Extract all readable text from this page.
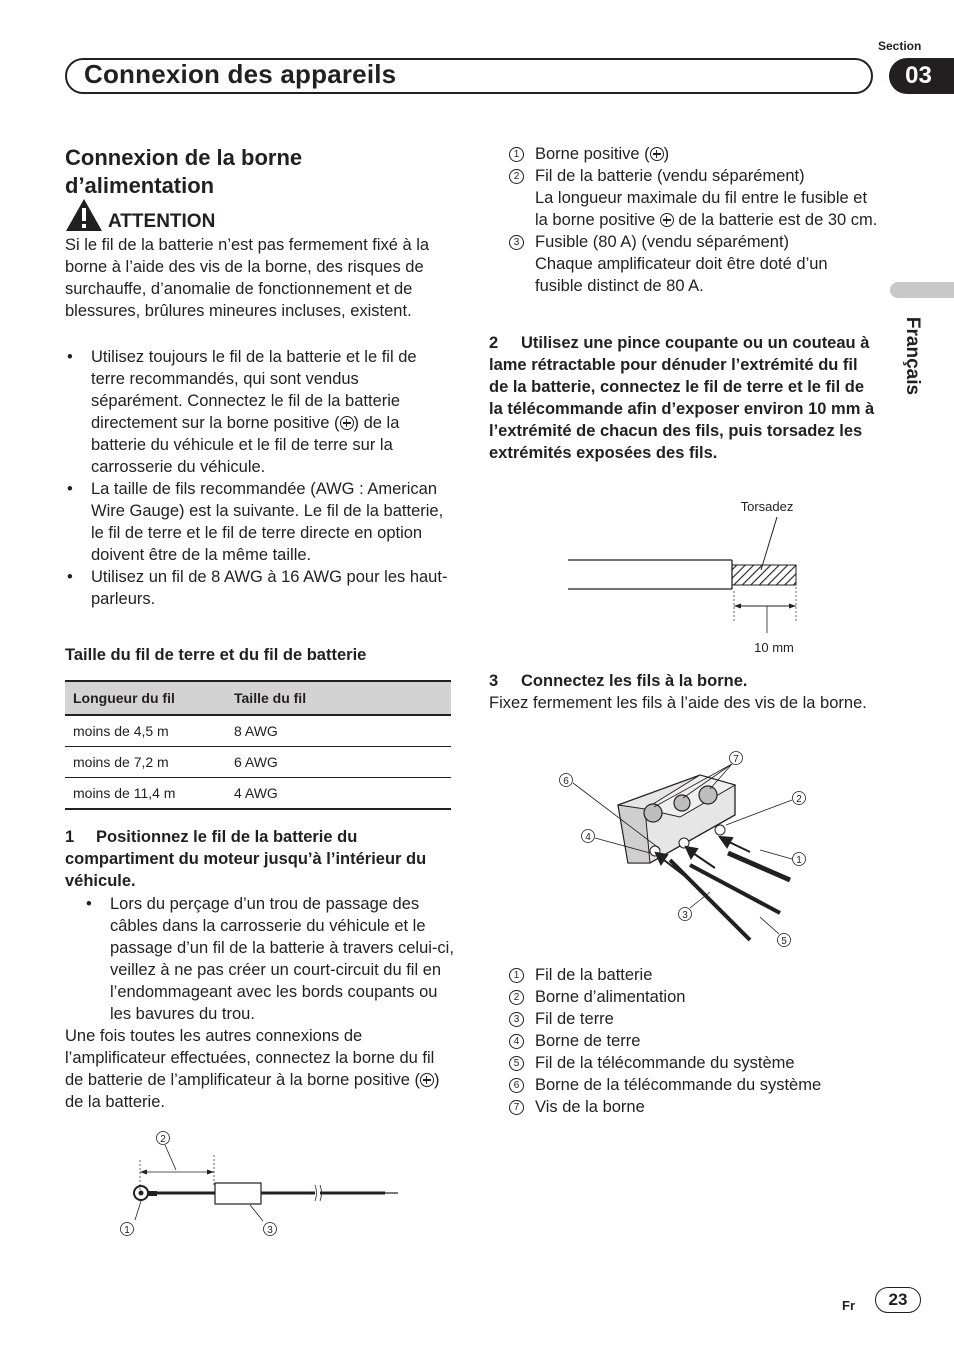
Section
Connexion des appareils	03
Français
Connexion de la borne d’alimentation
ATTENTION
Si le fil de la batterie n’est pas fermement fixé à la borne à l’aide des vis de la borne, des risques de surchauffe, d’anomalie de fonctionnement et de blessures, brûlures mineures incluses, existent.
• Utilisez toujours le fil de la batterie et le fil de terre recommandés, qui sont vendus séparément. Connectez le fil de la batterie directement sur la borne positive ( ) de la batterie du véhicule et le fil de terre sur la carrosserie du véhicule.
• La taille de fils recommandée (AWG : American Wire Gauge) est la suivante. Le fil de la batterie, le fil de terre et le fil de terre directe en option doivent être de la même taille.
• Utilisez un fil de 8 AWG à 16 AWG pour les haut-parleurs.
Taille du fil de terre et du fil de batterie
Longueur du fil	Taille du fil
moins de 4,5 m	8 AWG
moins de 7,2 m	6 AWG
moins de 11,4 m	4 AWG
1	Positionnez le fil de la batterie du compartiment du moteur jusqu’à l’intérieur du véhicule.
• Lors du perçage d’un trou de passage des câbles dans la carrosserie du véhicule et le passage d’un fil de la batterie à travers celui-ci, veillez à ne pas créer un court-circuit du fil en l’endommageant avec les bords coupants ou les bavures du trou.
Une fois toutes les autres connexions de l’amplificateur effectuées, connectez la borne du fil de batterie de l’amplificateur à la borne positive ( ) de la batterie.
2
1	3
1 Borne positive ( )
2 Fil de la batterie (vendu séparément)
La longueur maximale du fil entre le fusible et la borne positive  de la batterie est de 30 cm.
3 Fusible (80 A) (vendu séparément)
Chaque amplificateur doit être doté d’un fusible distinct de 80 A.
2	Utilisez une pince coupante ou un couteau à lame rétractable pour dénuder l’extrémité du fil de la batterie, connectez le fil de terre et le fil de la télécommande afin d’exposer environ 10 mm à l’extrémité de chacun des fils, puis torsadez les extrémités exposées des fils.
Torsadez
10 mm
3	Connectez les fils à la borne.
Fixez fermement les fils à l’aide des vis de la borne.
7
6
2
4
1
3
5
1 Fil de la batterie
2 Borne d’alimentation
3 Fil de terre
4 Borne de terre
5 Fil de la télécommande du système
6 Borne de la télécommande du système
7 Vis de la borne
Fr	23
